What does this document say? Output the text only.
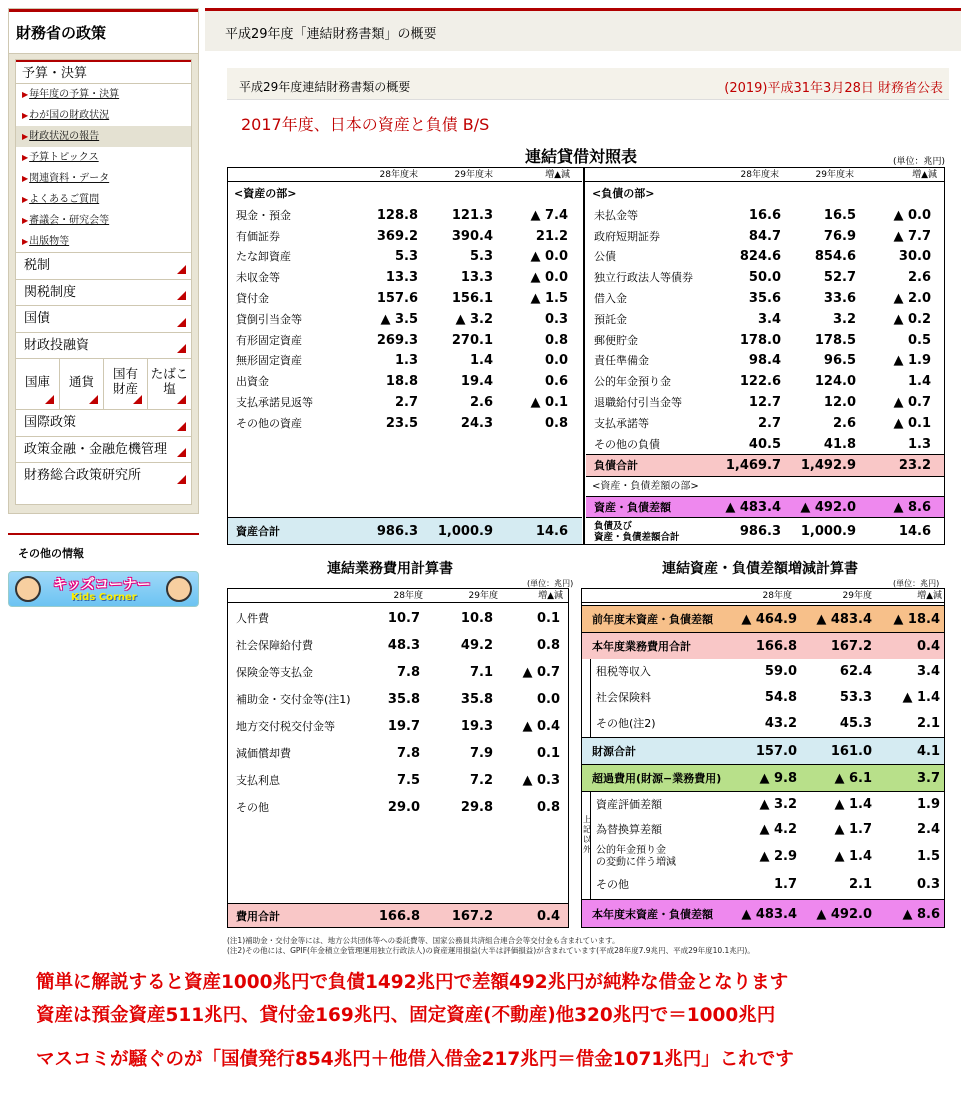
財務省の政策
予算・決算
▶毎年度の予算・決算
▶わが国の財政状況
▶財政状況の報告
▶予算トピックス
▶関連資料・データ
▶よくあるご質問
▶審議会・研究会等
▶出版物等
税制
関税制度
国債
財政投融資
国庫	通貨	国有
財産
たばこ
塩
国際政策
政策金融・金融危機管理
財務総合政策研究所
その他の情報
キッズコーナー
Kids Corner
平成29年度「連結財務書類」の概要
平成29年度連結財務書類の概要	(2019)平成31年3月28日 財務省公表
2017年度、日本の資産と負債 B/S
連結貸借対照表	(単位：兆円)
28年度末	29年度末	増▲減	28年度末	29年度末	増▲減
<資産の部>
現金・預金	128.8	121.3	▲ 7.4
有価証券	369.2	390.4	21.2
たな卸資産	5.3	5.3	▲ 0.0
未収金等	13.3	13.3	▲ 0.0
貸付金	157.6	156.1	▲ 1.5
貸倒引当金等	▲ 3.5	▲ 3.2	0.3
有形固定資産	269.3	270.1	0.8
無形固定資産	1.3	1.4	0.0
出資金	18.8	19.4	0.6
支払承諾見返等	2.7	2.6	▲ 0.1
その他の資産	23.5	24.3	0.8
資産合計	986.3	1,000.9	14.6
<負債の部>
未払金等	16.6	16.5	▲ 0.0
政府短期証券	84.7	76.9	▲ 7.7
公債	824.6	854.6	30.0
独立行政法人等債券	50.0	52.7	2.6
借入金	35.6	33.6	▲ 2.0
預託金	3.4	3.2	▲ 0.2
郵便貯金	178.0	178.5	0.5
責任準備金	98.4	96.5	▲ 1.9
公的年金預り金	122.6	124.0	1.4
退職給付引当金等	12.7	12.0	▲ 0.7
支払承諾等	2.7	2.6	▲ 0.1
その他の負債	40.5	41.8	1.3
負債合計	1,469.7	1,492.9	23.2
<資産・負債差額の部>
資産・負債差額	▲ 483.4	▲ 492.0	▲ 8.6
負債及び
資産・負債差額合計	986.3	1,000.9	14.6
連結業務費用計算書
(単位：兆円)
28年度	29年度	増▲減
人件費	10.7	10.8	0.1
社会保障給付費	48.3	49.2	0.8
保険金等支払金	7.8	7.1	▲ 0.7
補助金・交付金等(注1)	35.8	35.8	0.0
地方交付税交付金等	19.7	19.3	▲ 0.4
減価償却費	7.8	7.9	0.1
支払利息	7.5	7.2	▲ 0.3
その他	29.0	29.8	0.8
費用合計	166.8	167.2	0.4
連結資産・負債差額増減計算書
(単位：兆円)
28年度	29年度	増▲減
前年度末資産・負債差額	▲ 464.9	▲ 483.4	▲ 18.4
本年度業務費用合計	166.8	167.2	0.4
租税等収入	59.0	62.4	3.4
社会保険料	54.8	53.3	▲ 1.4
その他(注2)	43.2	45.3	2.1
財源合計	157.0	161.0	4.1
超過費用(財源−業務費用)	▲ 9.8	▲ 6.1	3.7
資産評価差額	▲ 3.2	▲ 1.4	1.9
為替換算差額	▲ 4.2	▲ 1.7	2.4
公的年金預り金
の変動に伴う増減	▲ 2.9	▲ 1.4	1.5
その他	1.7	2.1	0.3
本年度末資産・負債差額	▲ 483.4	▲ 492.0	▲ 8.6
上記以外
(注1)補助金・交付金等には、地方公共団体等への委託費等、国家公務員共済組合連合会等交付金も含まれています。
(注2)その他には、GPIF(年金積立金管理運用独立行政法人)の資産運用損益(大半は評価損益)が含まれています(平成28年度7.9兆円、平成29年度10.1兆円)。
簡単に解説すると資産1000兆円で負債1492兆円で差額492兆円が純粋な借金となります
資産は預金資産511兆円、貸付金169兆円、固定資産(不動産)他320兆円で＝1000兆円
マスコミが騒ぐのが「国債発行854兆円＋他借入借金217兆円＝借金1071兆円」これです
